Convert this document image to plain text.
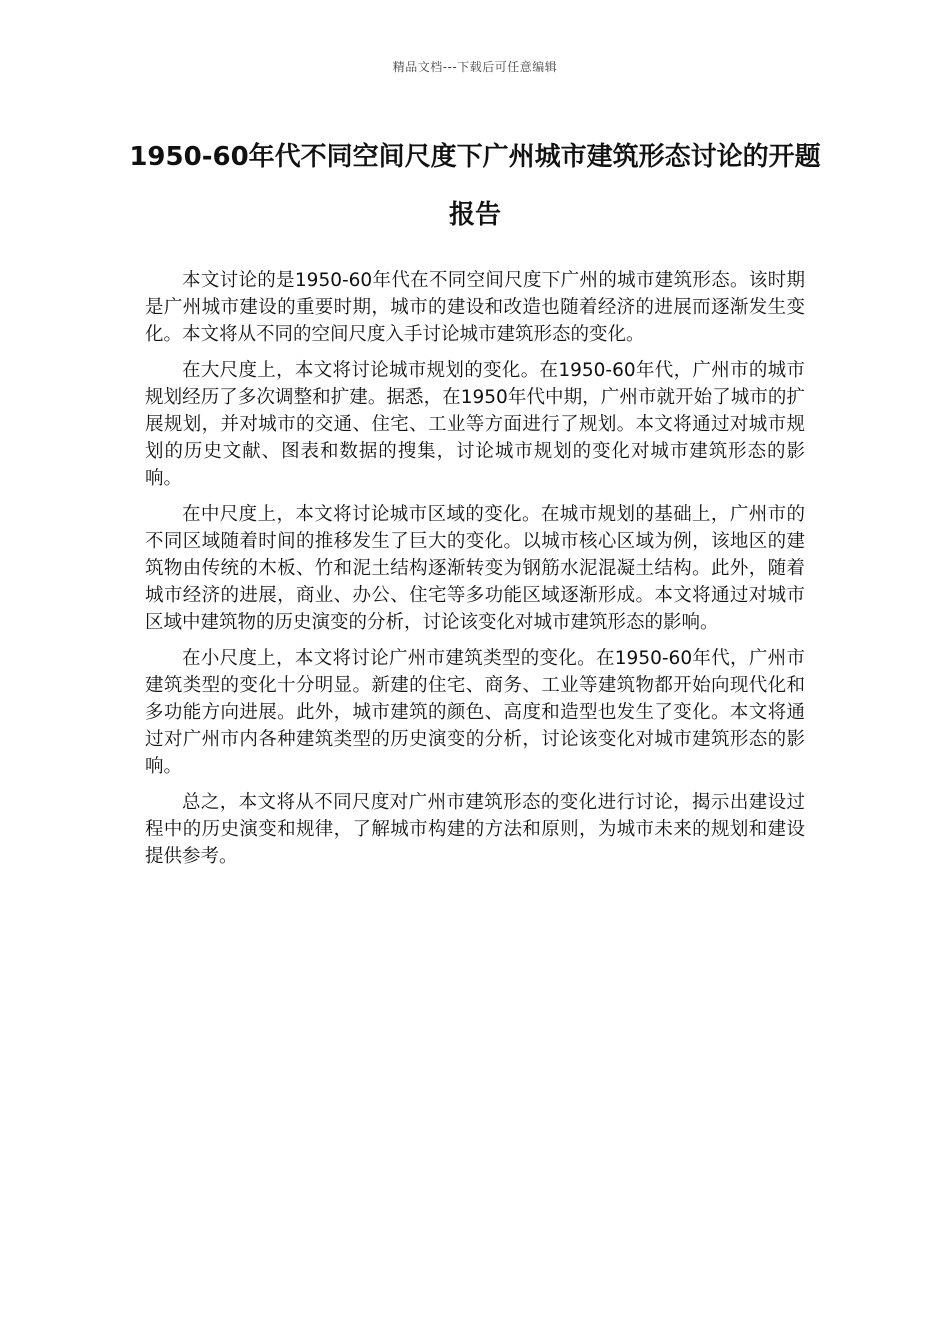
精品文档---下载后可任意编辑
1950-60年代不同空间尺度下广州城市建筑形态讨论的开题报告

本文讨论的是1950-60年代在不同空间尺度下广州的城市建筑形态。该时期是广州城市建设的重要时期，城市的建设和改造也随着经济的进展而逐渐发生变化。本文将从不同的空间尺度入手讨论城市建筑形态的变化。

在大尺度上，本文将讨论城市规划的变化。在1950-60年代，广州市的城市规划经历了多次调整和扩建。据悉，在1950年代中期，广州市就开始了城市的扩展规划，并对城市的交通、住宅、工业等方面进行了规划。本文将通过对城市规划的历史文献、图表和数据的搜集，讨论城市规划的变化对城市建筑形态的影响。

在中尺度上，本文将讨论城市区域的变化。在城市规划的基础上，广州市的不同区域随着时间的推移发生了巨大的变化。以城市核心区域为例，该地区的建筑物由传统的木板、竹和泥土结构逐渐转变为钢筋水泥混凝土结构。此外，随着城市经济的进展，商业、办公、住宅等多功能区域逐渐形成。本文将通过对城市区域中建筑物的历史演变的分析，讨论该变化对城市建筑形态的影响。

在小尺度上，本文将讨论广州市建筑类型的变化。在1950-60年代，广州市建筑类型的变化十分明显。新建的住宅、商务、工业等建筑物都开始向现代化和多功能方向进展。此外，城市建筑的颜色、高度和造型也发生了变化。本文将通过对广州市内各种建筑类型的历史演变的分析，讨论该变化对城市建筑形态的影响。

总之，本文将从不同尺度对广州市建筑形态的变化进行讨论，揭示出建设过程中的历史演变和规律，了解城市构建的方法和原则，为城市未来的规划和建设提供参考。
